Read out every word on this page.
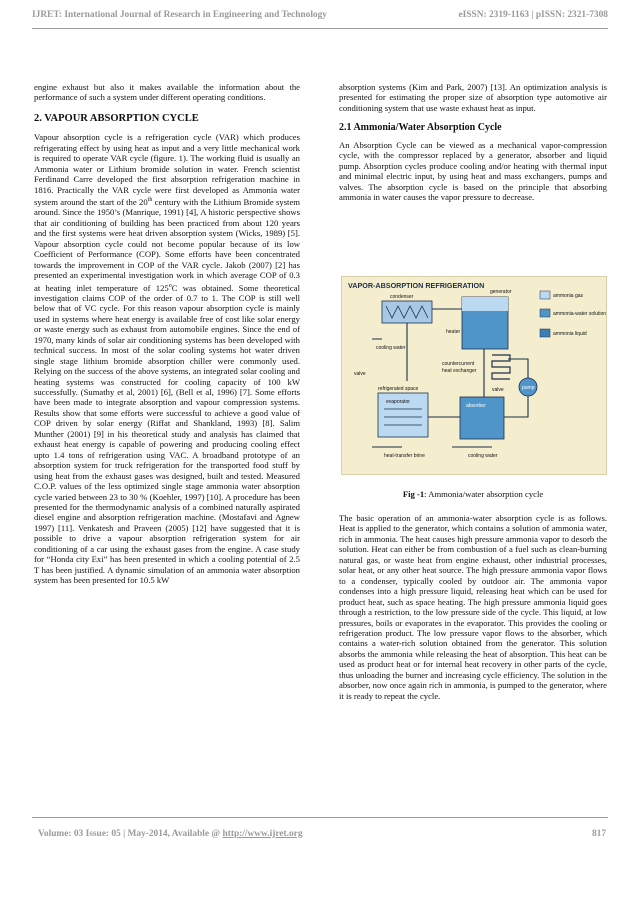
IJRET: International Journal of Research in Engineering and Technology	eISSN: 2319-1163 | pISSN: 2321-7308

engine exhaust but also it makes available the information about the performance of such a system under different operating conditions.

2. VAPOUR ABSORPTION CYCLE

Vapour absorption cycle is a refrigeration cycle (VAR) which produces refrigerating effect by using heat as input and a very little mechanical work is required to operate VAR cycle (figure. 1). The working fluid is usually an Ammonia water or Lithium bromide solution in water. French scientist Ferdinand Carre developed the first absorption refrigeration machine in 1816. Practically the VAR cycle were first developed as Ammonia water system around the start of the 20th century with the Lithium Bromide system around. Since the 1950’s (Manrique, 1991) [4], A historic perspective shows that air conditioning of building has been practiced from about 120 years and the first systems were heat driven absorption system (Wicks, 1989) [5]. Vapour absorption cycle could not become popular because of its low Coefficient of Performance (COP). Some efforts have been concentrated towards the improvement in COP of the VAR cycle. Jakob (2007) [2] has presented an experimental investigation work in which average COP of 0.3 at heating inlet temperature of 125$^o$C was obtained. Some theoretical investigation claims COP of the order of 0.7 to 1. The COP is still well below that of VC cycle. For this reason vapour absorption cycle is mainly used in systems where heat energy is available free of cost like solar energy or waste energy such as exhaust from automobile engines. Since the end of 1970, many kinds of solar air conditioning systems has been developed with technical success. In most of the solar cooling systems hot water driven single stage lithium bromide absorption chiller were commonly used. Relying on the success of the above systems, an integrated solar cooling and heating systems was constructed for cooling capacity of 100 kW successfully. (Sumathy et al, 2001) [6], (Bell et al, 1996) [7]. Some efforts have been made to integrate absorption and vapour compression systems. Results show that some efforts were successful to achieve a good value of COP driven by solar energy (Riffat and Shankland, 1993) [8]. Salim Munther (2001) [9] in his theoretical study and analysis has claimed that exhaust heat energy is capable of powering and producing cooling effect upto 1.4 tons of refrigeration using VAC. A broadband prototype of an absorption system for truck refrigeration for the transported food stuff by using heat from the exhaust gases was designed, built and tested. Measured C.O.P. values of the less optimized single stage ammonia water absorption cycle varied between 23 to 30 % (Koehler, 1997) [10]. A procedure has been presented for the thermodynamic analysis of a combined naturally aspirated diesel engine and absorption refrigeration machine. (Mostafavi and Agnew 1997) [11]. Venkatesh and Praveen (2005) [12] have suggested that it is possible to drive a vapour absorption refrigeration system for air conditioning of a car using the exhaust gases from the engine. A case study for “Honda city Exi” has been presented in which a cooling potential of 2.5 T has been justified. A dynamic simulation of an ammonia water absorption system has been presented for 10.5 kW

absorption systems (Kim and Park, 2007) [13]. An optimization analysis is presented for estimating the proper size of absorption type automotive air conditioning system that use waste exhaust heat as input.

2.1 Ammonia/Water Absorption Cycle

An Absorption Cycle can be viewed as a mechanical vapor-compression cycle, with the compressor replaced by a generator, absorber and liquid pump. Absorption cycles produce cooling and/or heating with thermal input and minimal electric input, by using heat and mass exchangers, pumps and valves. The absorption cycle is based on the principle that absorbing ammonia in water causes the vapor pressure to decrease.

VAPOR-ABSORPTION REFRIGERATION
condenser
generator
heater
countercurrent
heat exchanger
pump
refrigerated space
evaporator
absorber
valve
valve
cooling water
heat-transfer brine	cooling water
ammonia gas
ammonia-water solution
ammonia liquid
Fig -1: Ammonia/water absorption cycle

The basic operation of an ammonia-water absorption cycle is as follows. Heat is applied to the generator, which contains a solution of ammonia water, rich in ammonia. The heat causes high pressure ammonia vapor to desorb the solution. Heat can either be from combustion of a fuel such as clean-burning natural gas, or waste heat from engine exhaust, other industrial processes, solar heat, or any other heat source. The high pressure ammonia vapor flows to a condenser, typically cooled by outdoor air. The ammonia vapor condenses into a high pressure liquid, releasing heat which can be used for product heat, such as space heating. The high pressure ammonia liquid goes through a restriction, to the low pressure side of the cycle. This liquid, at low pressures, boils or evaporates in the evaporator. This provides the cooling or refrigeration product. The low pressure vapor flows to the absorber, which contains a water-rich solution obtained from the generator. This solution absorbs the ammonia while releasing the heat of absorption. This heat can be used as product heat or for internal heat recovery in other parts of the cycle, thus unloading the burner and increasing cycle efficiency. The solution in the absorber, now once again rich in ammonia, is pumped to the generator, where it is ready to repeat the cycle.

Volume: 03 Issue: 05 | May-2014, Available @ http://www.ijret.org	817
